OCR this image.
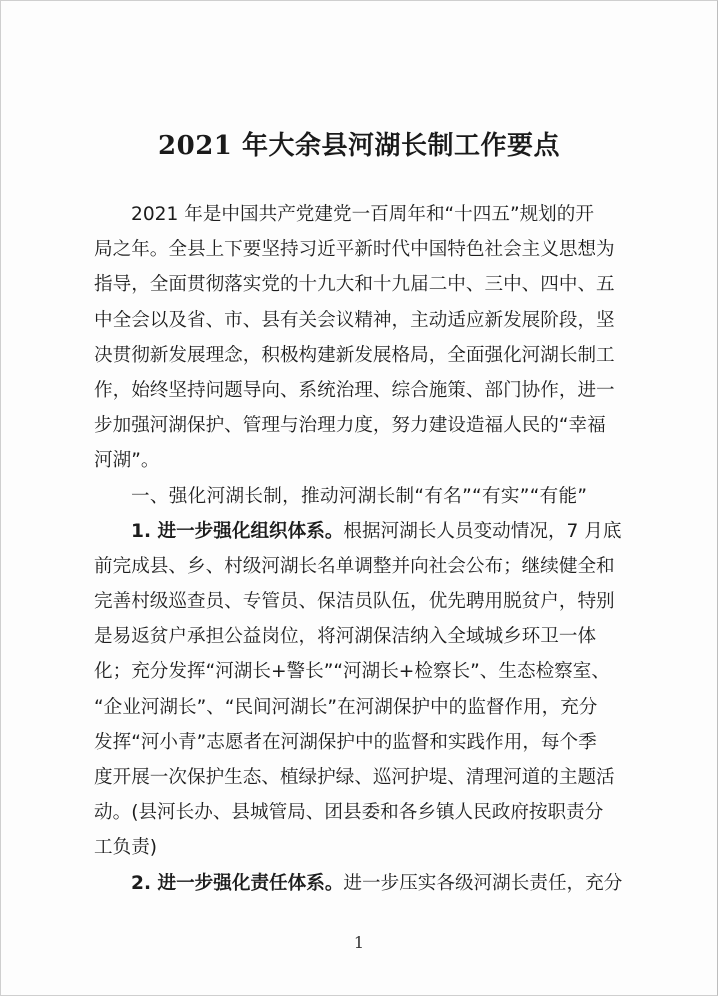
2021 年大余县河湖长制工作要点
2021 年是中国共产党建党一百周年和“十四五”规划的开
局之年。全县上下要坚持习近平新时代中国特色社会主义思想为
指导，全面贯彻落实党的十九大和十九届二中、三中、四中、五
中全会以及省、市、县有关会议精神，主动适应新发展阶段，坚
决贯彻新发展理念，积极构建新发展格局，全面强化河湖长制工
作，始终坚持问题导向、系统治理、综合施策、部门协作，进一
步加强河湖保护、管理与治理力度，努力建设造福人民的“幸福
河湖”。
一、强化河湖长制，推动河湖长制“有名”“有实”“有能”
1. 进一步强化组织体系。根据河湖长人员变动情况，7 月底
前完成县、乡、村级河湖长名单调整并向社会公布；继续健全和
完善村级巡查员、专管员、保洁员队伍，优先聘用脱贫户，特别
是易返贫户承担公益岗位，将河湖保洁纳入全域城乡环卫一体
化；充分发挥“河湖长+警长”“河湖长+检察长”、生态检察室、
“企业河湖长”、“民间河湖长”在河湖保护中的监督作用，充分
发挥“河小青”志愿者在河湖保护中的监督和实践作用，每个季
度开展一次保护生态、植绿护绿、巡河护堤、清理河道的主题活
动。(县河长办、县城管局、团县委和各乡镇人民政府按职责分
工负责)
2. 进一步强化责任体系。进一步压实各级河湖长责任，充分
1
